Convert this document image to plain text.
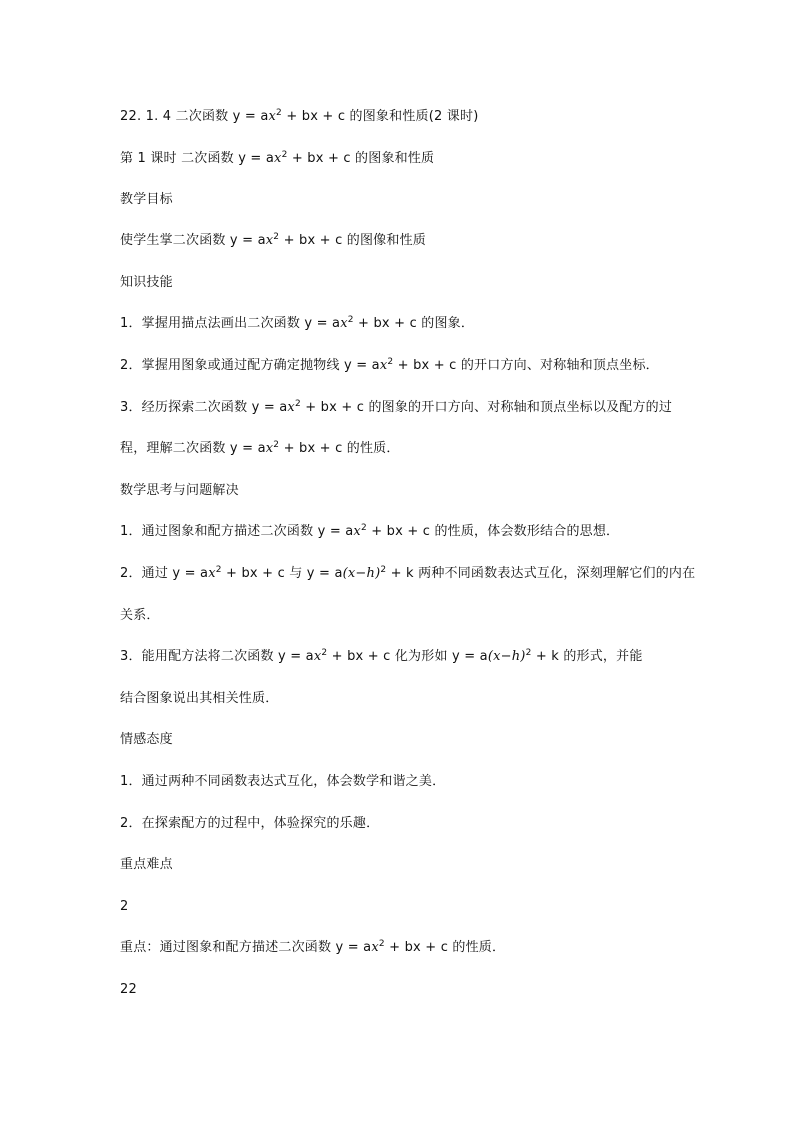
22. 1. 4 二次函数 $y = ax^2$ + bx + c 的图象和性质(2 课时)
第 1 课时 二次函数 $y = ax^2$ + bx + c 的图象和性质
教学目标
使学生掌二次函数 $y = ax^2$ + bx + c 的图像和性质
知识技能
1．掌握用描点法画出二次函数 $y = ax^2$ + bx + c 的图象．
2．掌握用图象或通过配方确定抛物线 $y = ax^2$ + bx + c 的开口方向、对称轴和顶点坐标．
3．经历探索二次函数 $y = ax^2$ + bx + c 的图象的开口方向、对称轴和顶点坐标以及配方的过
程，理解二次函数 $y = ax^2$ + bx + c 的性质．
数学思考与问题解决
1．通过图象和配方描述二次函数 $y = ax^2$ + bx + c 的性质，体会数形结合的思想．
2．通过 $y = ax^2$ + bx + c 与 $y = a(x-h)^2 + k$ 两种不同函数表达式互化，深刻理解它们的内在
关系．
3．能用配方法将二次函数 $y = ax^2$ + bx + c 化为形如 $y = a(x-h)^2 + k$ 的形式，并能
结合图象说出其相关性质．
情感态度
1．通过两种不同函数表达式互化，体会数学和谐之美．
2．在探索配方的过程中，体验探究的乐趣．
重点难点
2
重点：通过图象和配方描述二次函数 $y = ax^2$ + bx + c 的性质．
22
